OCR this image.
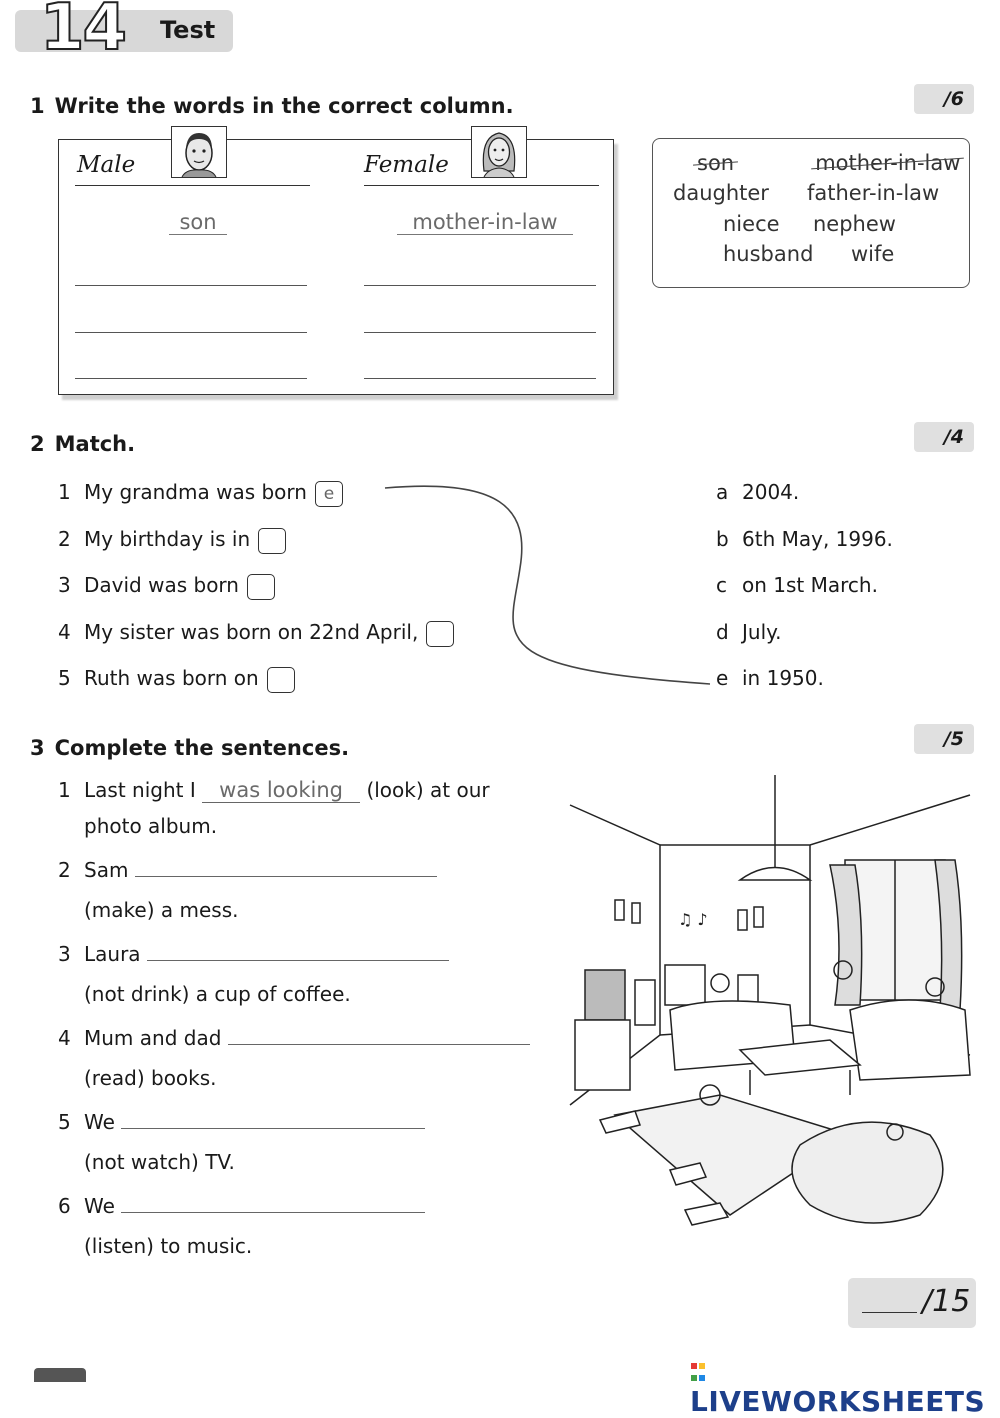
14 Test
1 Write the words in the correct column.	/6
Male
son
Female
mother-in-law
son	mother-in-law
daughter father-in-law
niece nephew
husband wife
2 Match.	/4
1 My grandma was born e
2 My birthday is in
3 David was born
4 My sister was born on 22nd April,
5 Ruth was born on
a 2004.
b 6th May, 1996.
c on 1st March.
d July.
e in 1950.
3 Complete the sentences.	/5
1 Last night I was looking (look) at our
photo album.
2 Sam
(make) a mess.
3 Laura
(not drink) a cup of coffee.
4 Mum and dad
(read) books.
5 We
(not watch) TV.
6 We
(listen) to music.
♫ ♪
/15
LIVEWORKSHEETS
